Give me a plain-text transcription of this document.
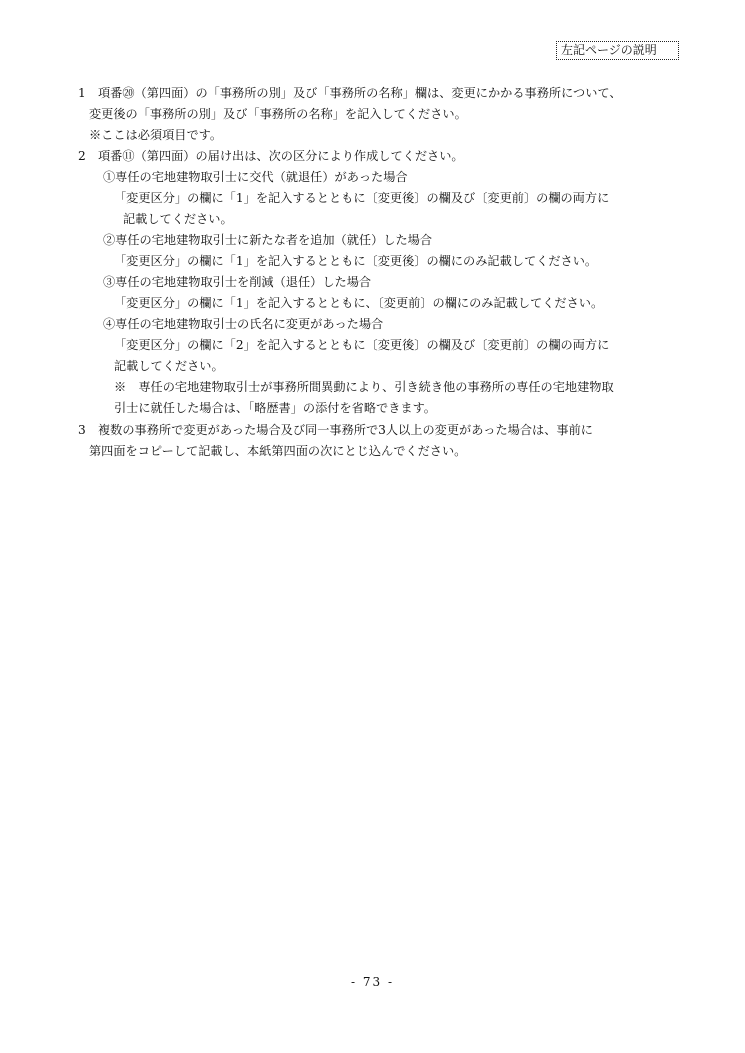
左記ページの説明
1　項番⑳（第四面）の「事務所の別」及び「事務所の名称」欄は、変更にかかる事務所について、
変更後の「事務所の別」及び「事務所の名称」を記入してください。
※ここは必須項目です。
2　項番⑪（第四面）の届け出は、次の区分により作成してください。
①専任の宅地建物取引士に交代（就退任）があった場合
「変更区分」の欄に「1」を記入するとともに〔変更後〕の欄及び〔変更前〕の欄の両方に
記載してください。
②専任の宅地建物取引士に新たな者を追加（就任）した場合
「変更区分」の欄に「1」を記入するとともに〔変更後〕の欄にのみ記載してください。
③専任の宅地建物取引士を削減（退任）した場合
「変更区分」の欄に「1」を記入するとともに、〔変更前〕の欄にのみ記載してください。
④専任の宅地建物取引士の氏名に変更があった場合
「変更区分」の欄に「2」を記入するとともに〔変更後〕の欄及び〔変更前〕の欄の両方に
記載してください。
※　専任の宅地建物取引士が事務所間異動により、引き続き他の事務所の専任の宅地建物取
引士に就任した場合は、「略歴書」の添付を省略できます。
3　複数の事務所で変更があった場合及び同一事務所で3人以上の変更があった場合は、事前に
第四面をコピーして記載し、本紙第四面の次にとじ込んでください。
- 73 -
